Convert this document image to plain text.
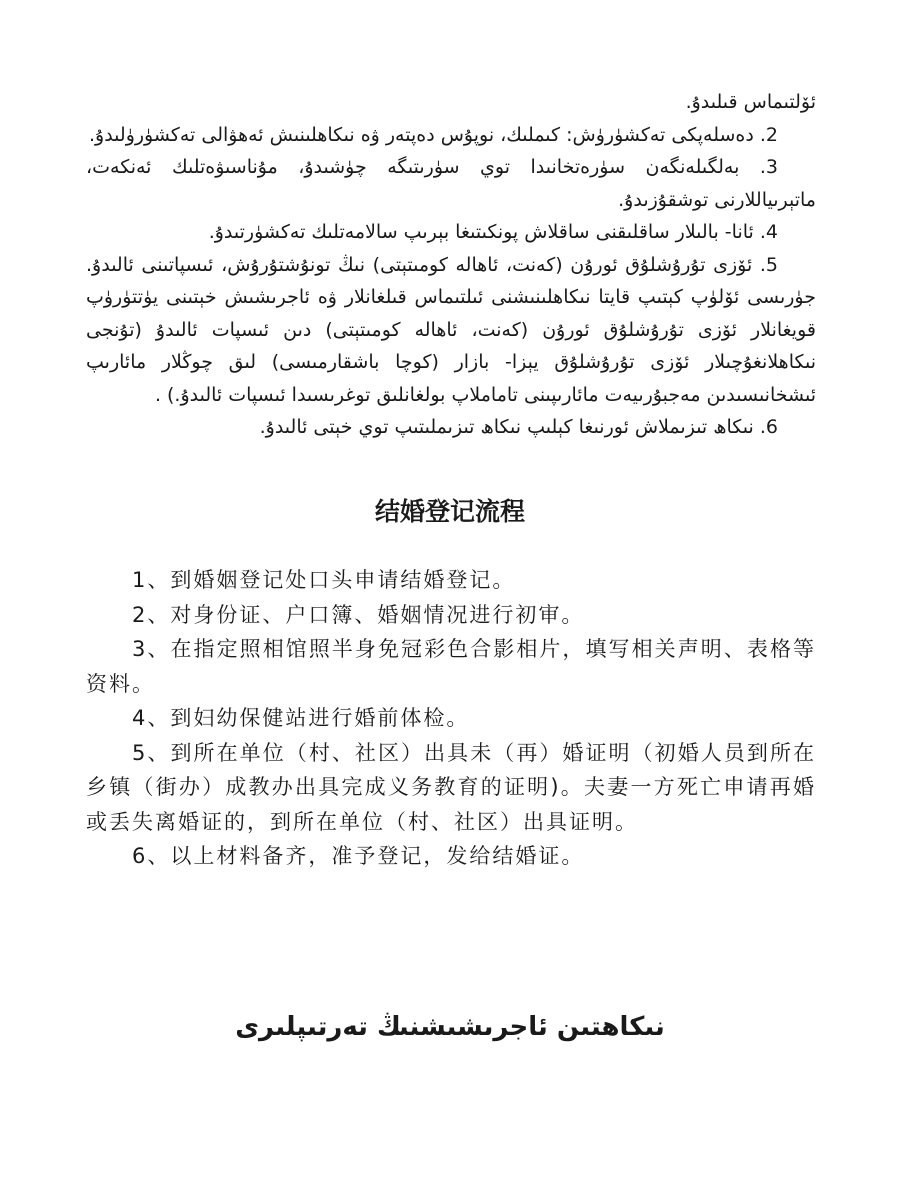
ئۆلتىماس قىلىدۇ.

2. دەسلەپكى تەكشۈرۈش: كىملىك، نوپۇس دەپتەر ۋە نىكاھلىنىش ئەھۋالى تەكشۈرۈلىدۇ.

3. بەلگىلەنگەن سۈرەتخانىدا توي سۈرىتىگە چۈشىدۇ، مۇناسىۋەتلىك ئەنكەت، ماتېرىياللارنى توشقۇزىدۇ.

4. ئانا- بالىلار ساقلىقنى ساقلاش پونكىتىغا بېرىپ سالامەتلىك تەكشۈرتىدۇ.

5. ئۆزى تۇرۇشلۇق ئورۇن (كەنت، ئاھالە كومىتېتى) نىڭ تونۇشتۇرۇش، ئىسپاتىنى ئالىدۇ. جۈرىسى ئۆلۈپ كېتىپ قايتا نىكاھلىنىشنى ئىلتىماس قىلغانلار ۋە ئاجرىشىش خېتىنى يۈتتۈرۈپ قويغانلار ئۆزى تۇرۇشلۇق ئورۇن (كەنت، ئاھالە كومىتېتى) دىن ئىسپات ئالىدۇ (تۇنجى نىكاھلانغۇچىلار ئۆزى تۇرۇشلۇق يېزا- بازار (كوچا باشقارمىسى) لىق چوڭلار مائارىپ ئىشخانىسىدىن مەجبۇرىيەت مائارىپىنى تاماملاپ بولغانلىق توغرىسىدا ئىسپات ئالىدۇ.) .

6. نىكاھ تىزىملاش ئورنىغا كېلىپ نىكاھ تىزىملىتىپ توي خېتى ئالىدۇ.

结婚登记流程

1、到婚姻登记处口头申请结婚登记。

2、对身份证、户口簿、婚姻情况进行初审。

3、在指定照相馆照半身免冠彩色合影相片，填写相关声明、表格等资料。

4、到妇幼保健站进行婚前体检。

5、到所在单位（村、社区）出具未（再）婚证明（初婚人员到所在乡镇（街办）成教办出具完成义务教育的证明)。夫妻一方死亡申请再婚或丢失离婚证的，到所在单位（村、社区）出具证明。

6、以上材料备齐，准予登记，发给结婚证。

نىكاھتىن ئاجرىشىشنىڭ تەرتىپلىرى
